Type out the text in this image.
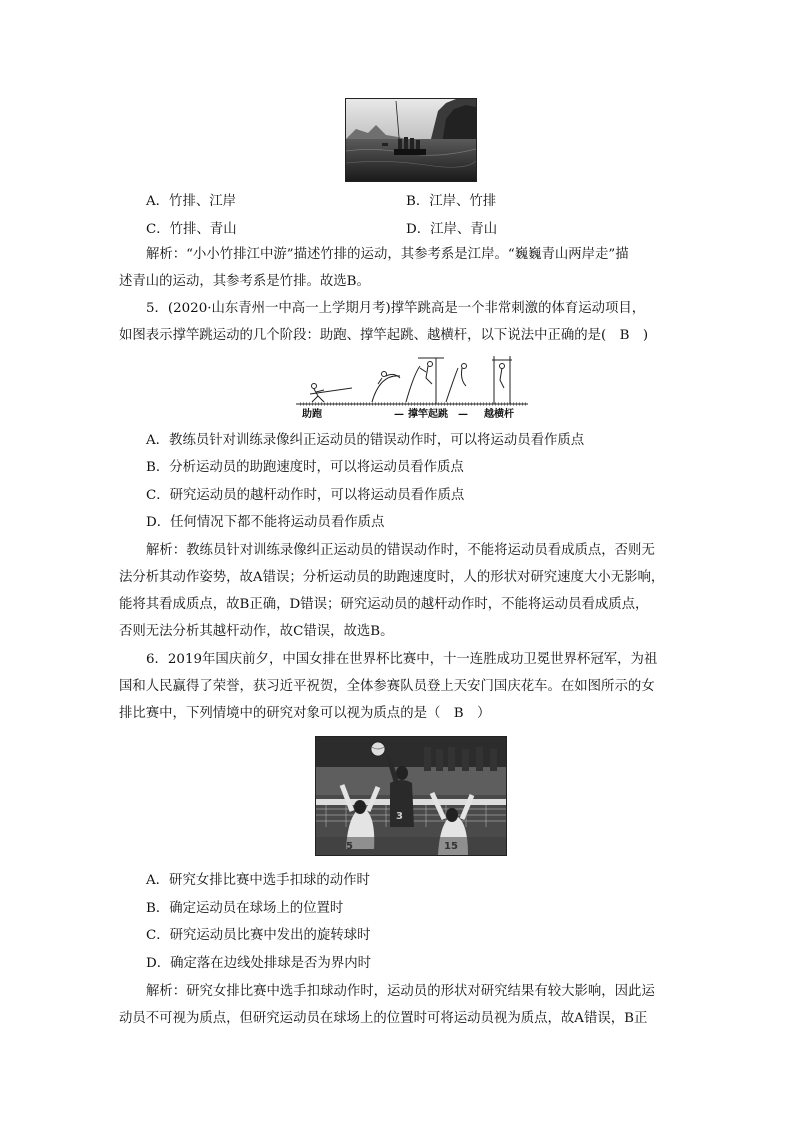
A．竹排、江岸	B．江岸、竹排
C．竹排、青山	D．江岸、青山
解析：“小小竹排江中游”描述竹排的运动，其参考系是江岸。“巍巍青山两岸走”描
述青山的运动，其参考系是竹排。故选B。
5．(2020·山东青州一中高一上学期月考)撑竿跳高是一个非常刺激的体育运动项目，
如图表示撑竿跳运动的几个阶段：助跑、撑竿起跳、越横杆，以下说法中正确的是(　B　)
助跑	— 撑竿起跳 — 越横杆
A．教练员针对训练录像纠正运动员的错误动作时，可以将运动员看作质点
B．分析运动员的助跑速度时，可以将运动员看作质点
C．研究运动员的越杆动作时，可以将运动员看作质点
D．任何情况下都不能将运动员看作质点
解析：教练员针对训练录像纠正运动员的错误动作时，不能将运动员看成质点，否则无
法分析其动作姿势，故A错误；分析运动员的助跑速度时，人的形状对研究速度大小无影响，
能将其看成质点，故B正确，D错误；研究运动员的越杆动作时，不能将运动员看成质点，
否则无法分析其越杆动作，故C错误，故选B。
6．2019年国庆前夕，中国女排在世界杯比赛中，十一连胜成功卫冕世界杯冠军，为祖
国和人民赢得了荣誉，获习近平祝贺，全体参赛队员登上天安门国庆花车。在如图所示的女
排比赛中，下列情境中的研究对象可以视为质点的是（　B　）
5
3
15
A．研究女排比赛中选手扣球的动作时
B．确定运动员在球场上的位置时
C．研究运动员比赛中发出的旋转球时
D．确定落在边线处排球是否为界内时
解析：研究女排比赛中选手扣球动作时，运动员的形状对研究结果有较大影响，因此运
动员不可视为质点，但研究运动员在球场上的位置时可将运动员视为质点，故A错误，B正
